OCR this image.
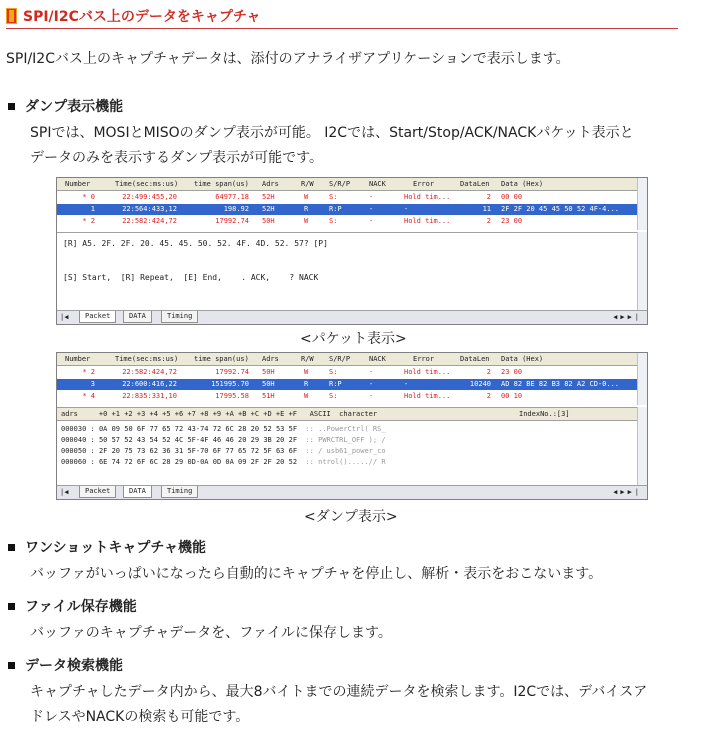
SPI/I2Cバス上のデータをキャプチャ
SPI/I2Cバス上のキャプチャデータは、添付のアナライザアプリケーションで表示します。
ダンプ表示機能
SPIでは、MOSIとMISOのダンプ表示が可能。 I2Cでは、Start/Stop/ACK/NACKパケット表示と
データのみを表示するダンプ表示が可能です。
Number	Time(sec:ms:us) time span(us) Adrs	R/W S/R/P	NACK	Error	DataLen Data (Hex)
* 0	22:499:455,20	64977.18 52H	W	S:	-	Hold tim...	2 00 00
1	22:564:433,12	198.92 52H	R	R:P	-	-	11 2F 2F 20 45 45 50 52 4F-4...
* 2	22:582:424,72	17992.74 50H	W	S:	-	Hold tim...	2 23 00
[R] A5. 2F. 2F. 20. 45. 45. 50. 52. 4F. 4D. 52. 57? [P]
[S] Start,  [R] Repeat,  [E] End,    . ACK,    ? NACK
|◀	Packet	DATA	Timing	◀▶▶|
<パケット表示>
Number	Time(sec:ms:us) time span(us) Adrs	R/W S/R/P	NACK	Error	DataLen Data (Hex)
* 2	22:582:424,72	17992.74 50H	W	S:	-	Hold tim...	2 23 00
3	22:600:416,22	151995.70 50H	R	R:P	-	-	10240 AD 82 BE 82 B3 82 A2 CD-0...
* 4	22:835:331,10	17995.58 51H	W	S:	-	Hold tim...	2 00 10
adrs     +0 +1 +2 +3 +4 +5 +6 +7 +8 +9 +A +B +C +D +E +F   ASCII  character	IndexNo.:[3]
000030 : 0A 09 50 6F 77 65 72 43-74 72 6C 28 20 52 53 5F :: ..PowerCtrl( RS_
000040 : 50 57 52 43 54 52 4C 5F-4F 46 46 20 29 3B 20 2F :: PWRCTRL_OFF ); /
000050 : 2F 20 75 73 62 36 31 5F-70 6F 77 65 72 5F 63 6F :: / usb61_power_co
000060 : 6E 74 72 6F 6C 28 29 0D-0A 0D 0A 09 2F 2F 20 52 :: ntrol().....// R
|◀	Packet	DATA	Timing	◀▶▶|
<ダンプ表示>
ワンショットキャプチャ機能
バッファがいっぱいになったら自動的にキャプチャを停止し、解析・表示をおこないます。
ファイル保存機能
バッファのキャプチャデータを、ファイルに保存します。
データ検索機能
キャプチャしたデータ内から、最大8バイトまでの連続データを検索します。I2Cでは、デバイスア
ドレスやNACKの検索も可能です。
